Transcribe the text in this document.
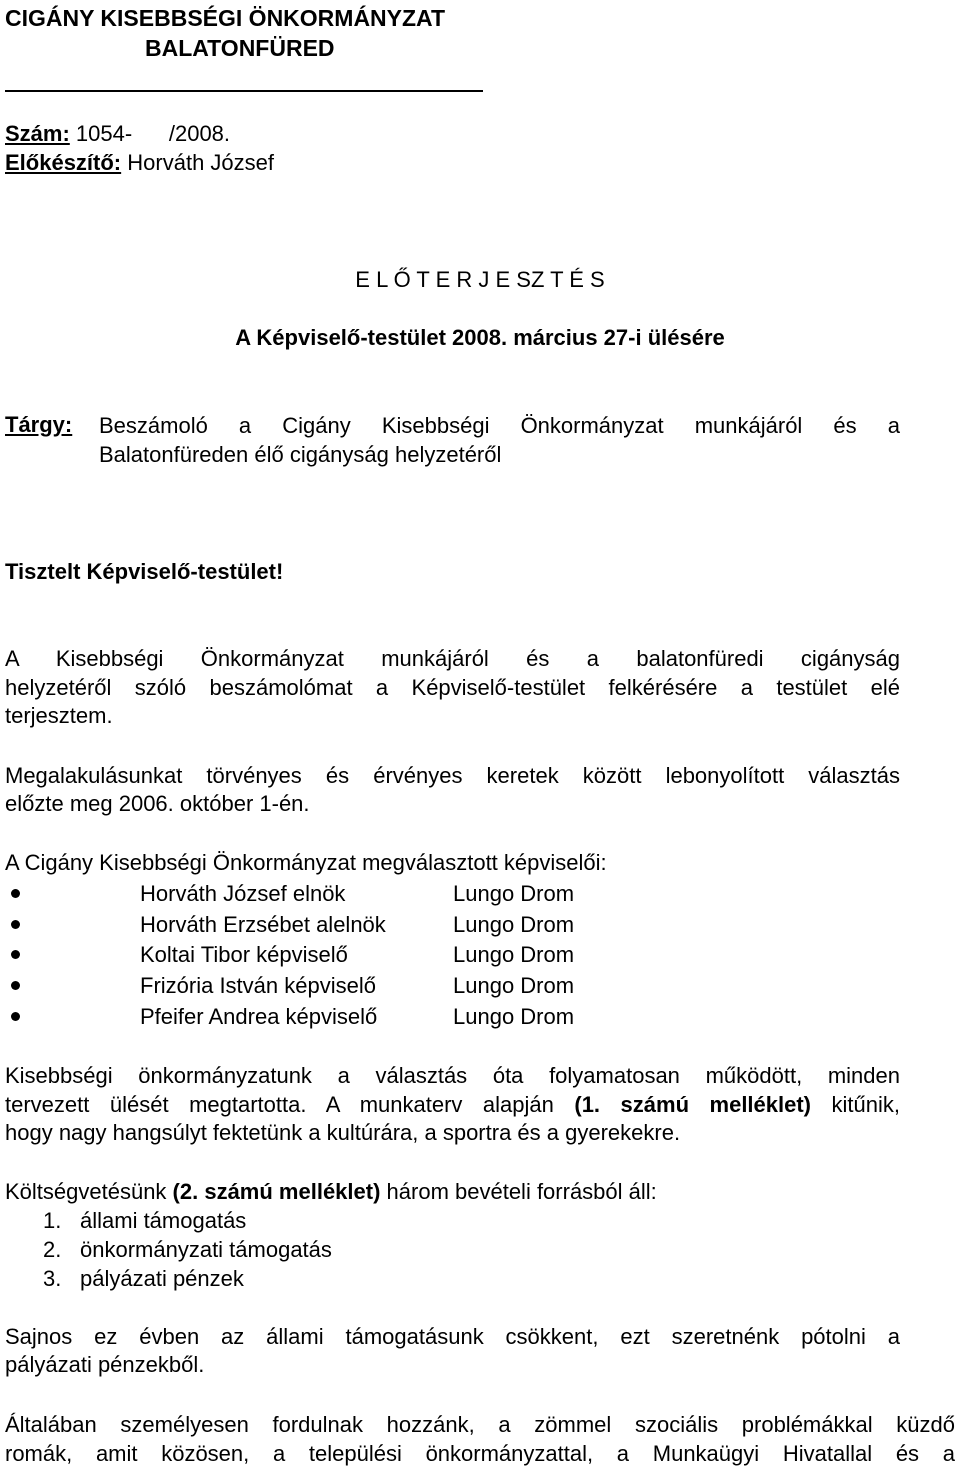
CIGÁNY KISEBBSÉGI ÖNKORMÁNYZAT
BALATONFÜRED
Szám: 1054-      /2008.
Előkészítő: Horváth József
E L Ő T E R J E SZ T É S
A Képviselő-testület 2008. március 27-i ülésére
Tárgy: Beszámoló a Cigány Kisebbségi Önkormányzat munkájáról és a
Balatonfüreden élő cigányság helyzetéről
Tisztelt Képviselő-testület!
A Kisebbségi Önkormányzat munkájáról és a balatonfüredi cigányság
helyzetéről szóló beszámolómat a Képviselő-testület felkérésére a testület elé
terjesztem.
Megalakulásunkat törvényes és érvényes keretek között lebonyolított választás
előzte meg 2006. október 1-én.
A Cigány Kisebbségi Önkormányzat megválasztott képviselői:
Horváth József elnök	Lungo Drom
Horváth Erzsébet alelnök	Lungo Drom
Koltai Tibor képviselő	Lungo Drom
Frizória István képviselő	Lungo Drom
Pfeifer Andrea képviselő	Lungo Drom
Kisebbségi önkormányzatunk a választás óta folyamatosan működött, minden
tervezett ülését megtartotta. A munkaterv alapján (1. számú melléklet) kitűnik,
hogy nagy hangsúlyt fektetünk a kultúrára, a sportra és a gyerekekre.
Költségvetésünk (2. számú melléklet) három bevételi forrásból áll:
1. állami támogatás
2. önkormányzati támogatás
3. pályázati pénzek
Sajnos ez évben az állami támogatásunk csökkent, ezt szeretnénk pótolni a
pályázati pénzekből.
Általában személyesen fordulnak hozzánk, a zömmel szociális problémákkal küzdő
romák, amit közösen, a települési önkormányzattal, a Munkaügyi Hivatallal és a
